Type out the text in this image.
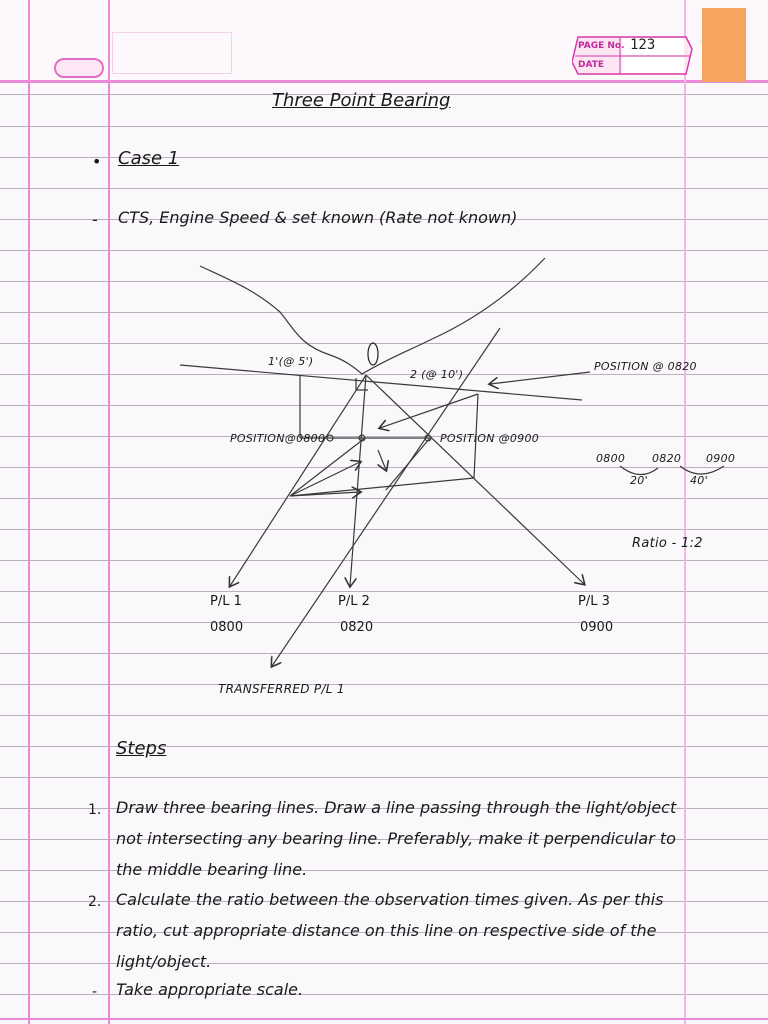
PAGE No.
DATE
123
Three Point Bearing
• Case 1
- CTS, Engine Speed & set known (Rate not known)
1'(@ 5')
2 (@ 10')
POSITION @ 0820
POSITION@0800	POSITION @0900
0800 0820 0900
20'	40'
Ratio - 1:2
P/L 1
0800
P/L 2
0820
P/L 3
0900
TRANSFERRED P/L 1
Steps
1. Draw three bearing lines. Draw a line passing through the light/object
not intersecting any bearing line. Preferably, make it perpendicular to
the middle bearing line.
2. Calculate the ratio between the observation times given. As per this
ratio, cut appropriate distance on this line on respective side of the
light/object.
- Take appropriate scale.
